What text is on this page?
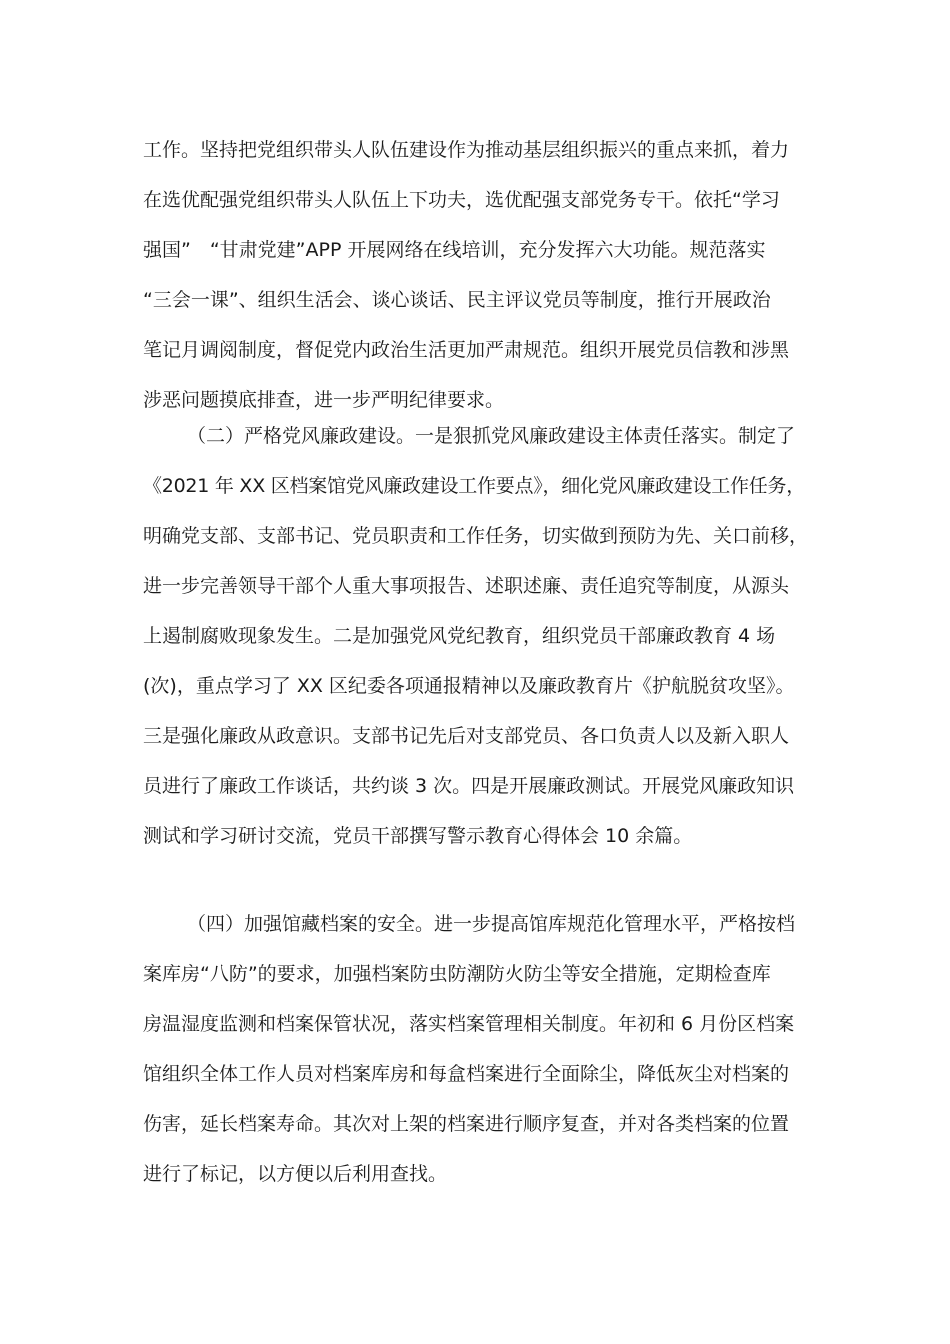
工作。坚持把党组织带头人队伍建设作为推动基层组织振兴的重点来抓，着力
在选优配强党组织带头人队伍上下功夫，选优配强支部党务专干。依托“学习
强国”　“甘肃党建”APP 开展网络在线培训，充分发挥六大功能。规范落实
“三会一课”、组织生活会、谈心谈话、民主评议党员等制度，推行开展政治
笔记月调阅制度，督促党内政治生活更加严肃规范。组织开展党员信教和涉黑
涉恶问题摸底排查，进一步严明纪律要求。
（二）严格党风廉政建设。一是狠抓党风廉政建设主体责任落实。制定了
《2021 年 XX 区档案馆党风廉政建设工作要点》，细化党风廉政建设工作任务，
明确党支部、支部书记、党员职责和工作任务，切实做到预防为先、关口前移，
进一步完善领导干部个人重大事项报告、述职述廉、责任追究等制度，从源头
上遏制腐败现象发生。二是加强党风党纪教育，组织党员干部廉政教育 4 场
(次)，重点学习了 XX 区纪委各项通报精神以及廉政教育片《护航脱贫攻坚》。
三是强化廉政从政意识。支部书记先后对支部党员、各口负责人以及新入职人
员进行了廉政工作谈话，共约谈 3 次。四是开展廉政测试。开展党风廉政知识
测试和学习研讨交流，党员干部撰写警示教育心得体会 10 余篇。
（四）加强馆藏档案的安全。进一步提高馆库规范化管理水平，严格按档
案库房“八防”的要求，加强档案防虫防潮防火防尘等安全措施，定期检查库
房温湿度监测和档案保管状况，落实档案管理相关制度。年初和 6 月份区档案
馆组织全体工作人员对档案库房和每盒档案进行全面除尘，降低灰尘对档案的
伤害，延长档案寿命。其次对上架的档案进行顺序复查，并对各类档案的位置
进行了标记，以方便以后利用查找。
